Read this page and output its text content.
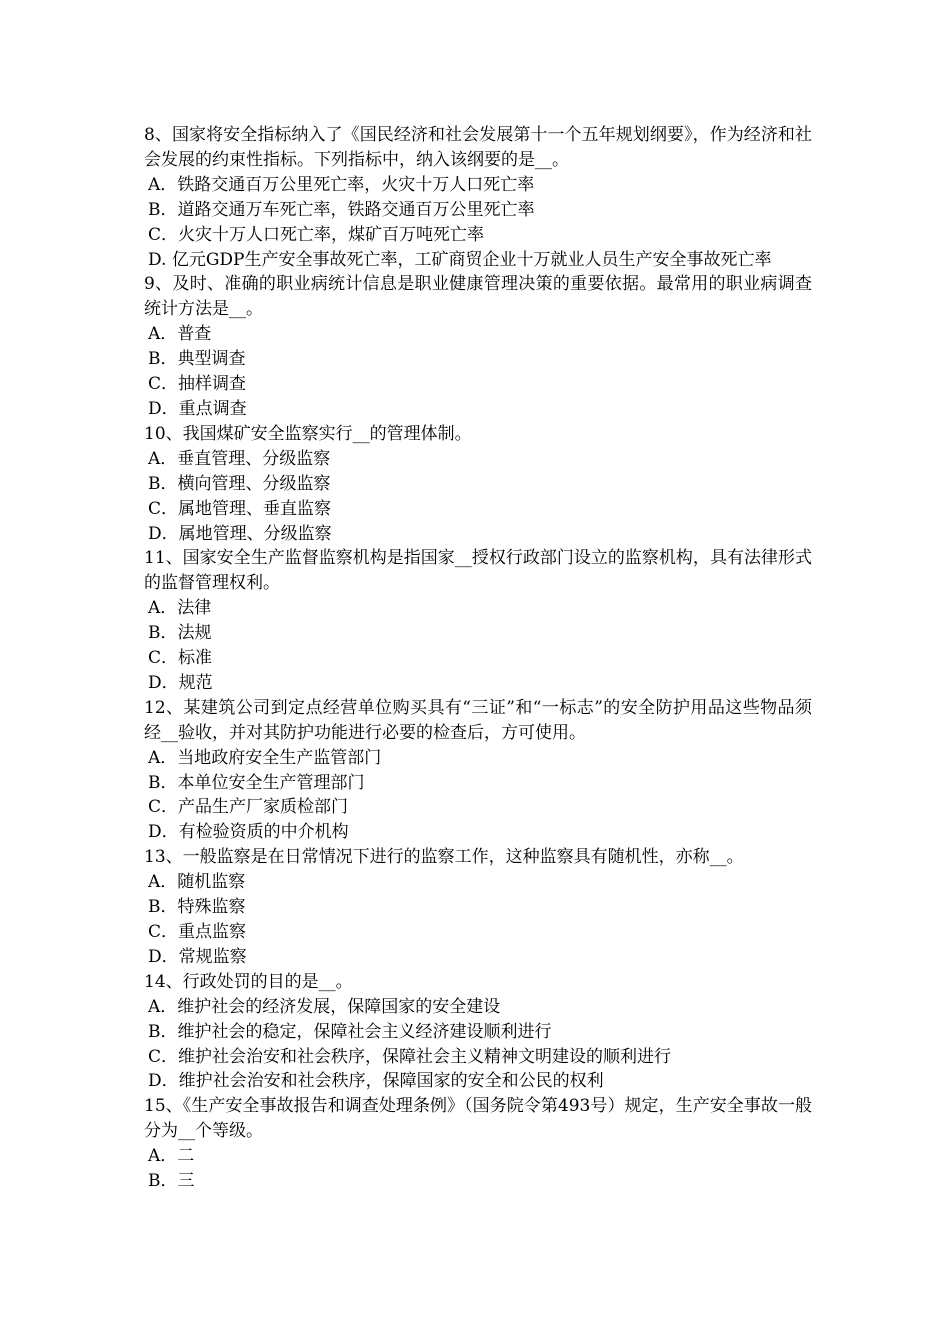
8、国家将安全指标纳入了《国民经济和社会发展第十一个五年规划纲要》，作为经济和社会发展的约束性指标。下列指标中，纳入该纲要的是__。

A．铁路交通百万公里死亡率，火灾十万人口死亡率

B．道路交通万车死亡率，铁路交通百万公里死亡率

C．火灾十万人口死亡率，煤矿百万吨死亡率

D. 亿元GDP生产安全事故死亡率，工矿商贸企业十万就业人员生产安全事故死亡率

9、及时、准确的职业病统计信息是职业健康管理决策的重要依据。最常用的职业病调查统计方法是__。

A．普查

B．典型调查

C．抽样调查

D．重点调查

10、我国煤矿安全监察实行__的管理体制。

A．垂直管理、分级监察

B．横向管理、分级监察

C．属地管理、垂直监察

D．属地管理、分级监察

11、国家安全生产监督监察机构是指国家__授权行政部门设立的监察机构，具有法律形式的监督管理权利。

A．法律

B．法规

C．标准

D．规范

12、某建筑公司到定点经营单位购买具有“三证”和“一标志”的安全防护用品这些物品须经__验收，并对其防护功能进行必要的检查后，方可使用。

A．当地政府安全生产监管部门

B．本单位安全生产管理部门

C．产品生产厂家质检部门

D．有检验资质的中介机构

13、一般监察是在日常情况下进行的监察工作，这种监察具有随机性，亦称__。

A．随机监察

B．特殊监察

C．重点监察

D．常规监察

14、行政处罚的目的是__。

A．维护社会的经济发展，保障国家的安全建设

B．维护社会的稳定，保障社会主义经济建设顺利进行

C．维护社会治安和社会秩序，保障社会主义精神文明建设的顺利进行

D．维护社会治安和社会秩序，保障国家的安全和公民的权利

15、《生产安全事故报告和调查处理条例》（国务院令第493号）规定，生产安全事故一般分为__个等级。

A．二

B．三
